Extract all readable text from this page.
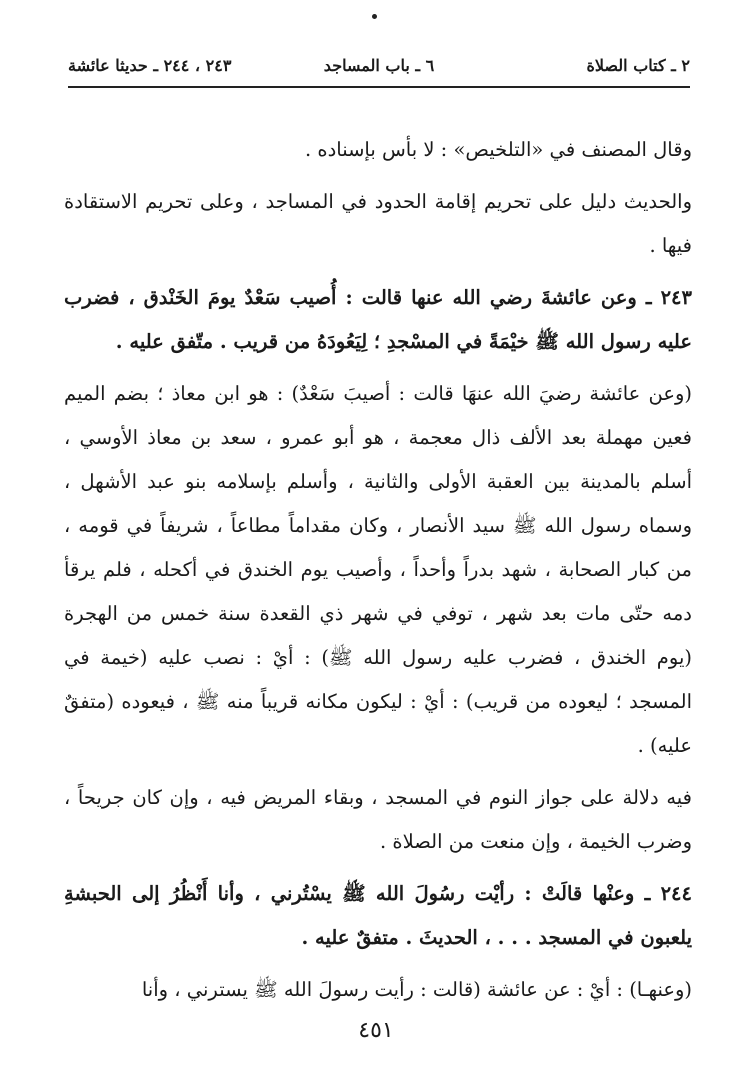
٢ ـ كتاب الصلاة
٦ ـ باب المساجد
٢٤٣ ، ٢٤٤ ـ حديثا عائشة

وقال المصنف في «التلخيص» : لا بأس بإسناده .

والحديث دليل على تحريم إقامة الحدود في المساجد ، وعلى تحريم الاستقادة فيها .

٢٤٣ ـ وعن عائشةَ رضي الله عنها قالت : أُصيب سَعْدٌ يومَ الخَنْدق ، فضرب عليه رسول الله ﷺ خيْمَةً في المسْجدِ ؛ لِيَعُودَهُ من قريب . متّفق عليه .

(وعن عائشة رضيَ الله عنهَا قالت : أصيبَ سَعْدٌ) : هو ابن معاذ ؛ بضم الميم فعين مهملة بعد الألف ذال معجمة ، هو أبو عمرو ، سعد بن معاذ الأوسي ، أسلم بالمدينة بين العقبة الأولى والثانية ، وأسلم بإسلامه بنو عبد الأشهل ، وسماه رسول الله ﷺ سيد الأنصار ، وكان مقداماً مطاعاً ، شريفاً في قومه ، من كبار الصحابة ، شهد بدراً وأحداً ، وأصيب يوم الخندق في أكحله ، فلم يرقأ دمه حتّى مات بعد شهر ، توفي في شهر ذي القعدة سنة خمس من الهجرة (يوم الخندق ، فضرب عليه رسول الله ﷺ) : أيْ : نصب عليه (خيمة في المسجد ؛ ليعوده من قريب) : أيْ : ليكون مكانه قريباً منه ﷺ ، فيعوده (متفقٌ عليه) .

فيه دلالة على جواز النوم في المسجد ، وبقاء المريض فيه ، وإن كان جريحاً ، وضرب الخيمة ، وإن منعت من الصلاة .

٢٤٤ ـ وعنْها قالَتْ : رأيْت رسُولَ الله ﷺ يسْتُرني ، وأنا أَنْظُرُ إلى الحبشةِ يلعبون في المسجد . . . ، الحديثَ . متفقٌ عليه .

(وعنهـا) : أيْ : عن عائشة (قالت : رأيت رسولَ الله ﷺ يسترني ، وأنا

٤٥١
